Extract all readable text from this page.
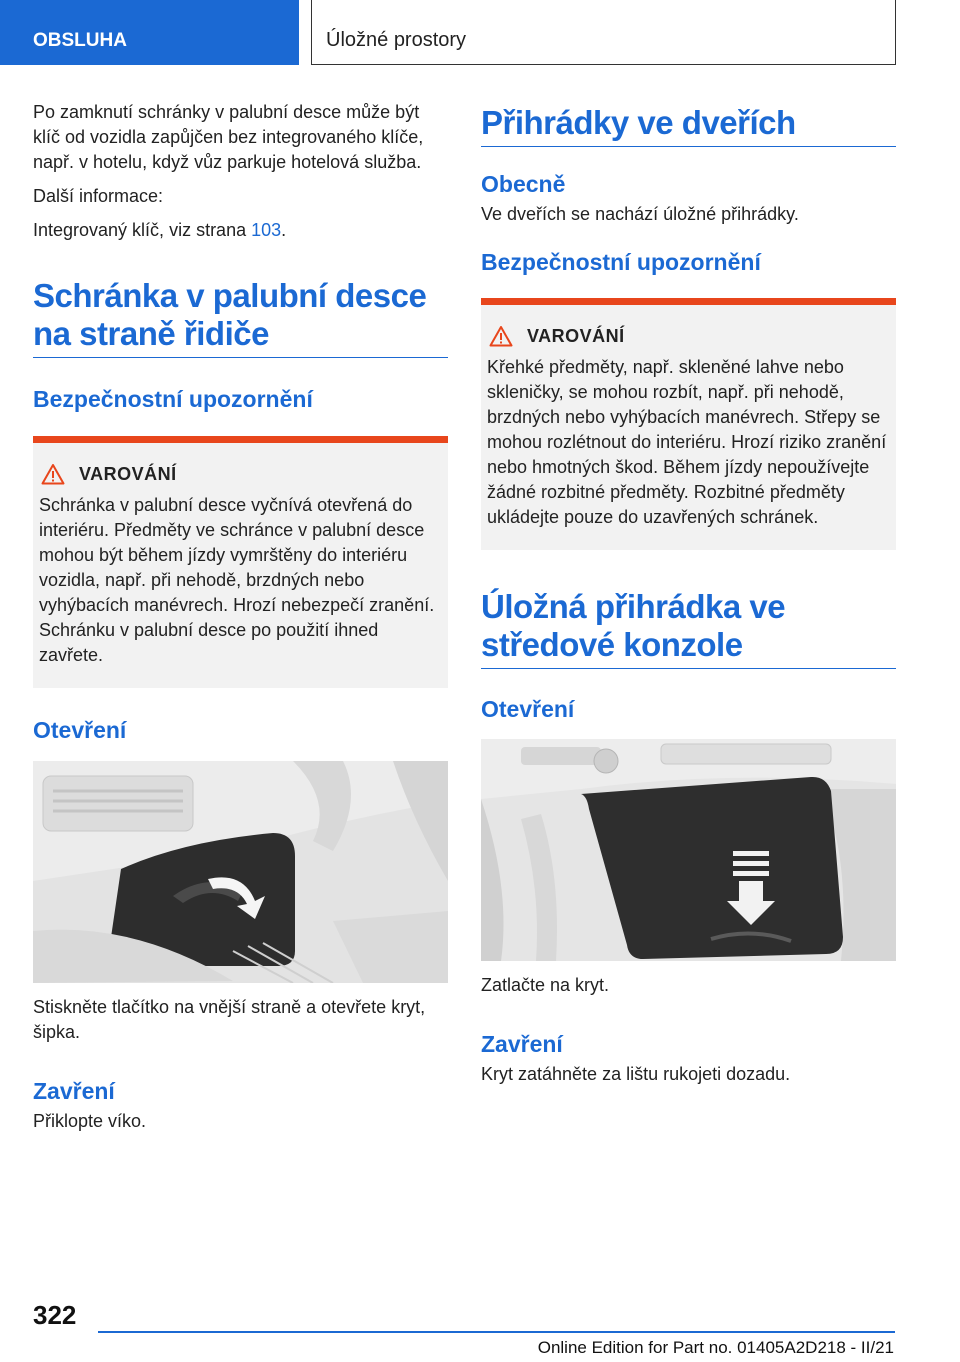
OBSLUHA	Úložné prostory
Po zamknutí schránky v palubní desce může být klíč od vozidla zapůjčen bez integrovaného klíče, např. v hotelu, když vůz parkuje hotelová služba.
Další informace:
Integrovaný klíč, viz strana 103.
Schránka v palubní desce na straně řidiče
Bezpečnostní upozornění
VAROVÁNÍ
Schránka v palubní desce vyčnívá otevřená do interiéru. Předměty ve schránce v palubní desce mohou být během jízdy vymrštěny do interiéru vozidla, např. při nehodě, brzdných nebo vyhýbacích manévrech. Hrozí nebezpečí zranění. Schránku v palubní desce po použití ihned zavřete.
Otevření
Stiskněte tlačítko na vnější straně a otevřete kryt, šipka.
Zavření
Přiklopte víko.
Přihrádky ve dveřích
Obecně
Ve dveřích se nachází úložné přihrádky.
Bezpečnostní upozornění
VAROVÁNÍ
Křehké předměty, např. skleněné lahve nebo skleničky, se mohou rozbít, např. při nehodě, brzdných nebo vyhýbacích manévrech. Střepy se mohou rozlétnout do interiéru. Hrozí riziko zranění nebo hmotných škod. Během jízdy nepoužívejte žádné rozbitné předměty. Rozbitné předměty ukládejte pouze do uzavřených schránek.
Úložná přihrádka ve středové konzole
Otevření
Zatlačte na kryt.
Zavření
Kryt zatáhněte za lištu rukojeti dozadu.
322
Online Edition for Part no. 01405A2D218 - II/21
